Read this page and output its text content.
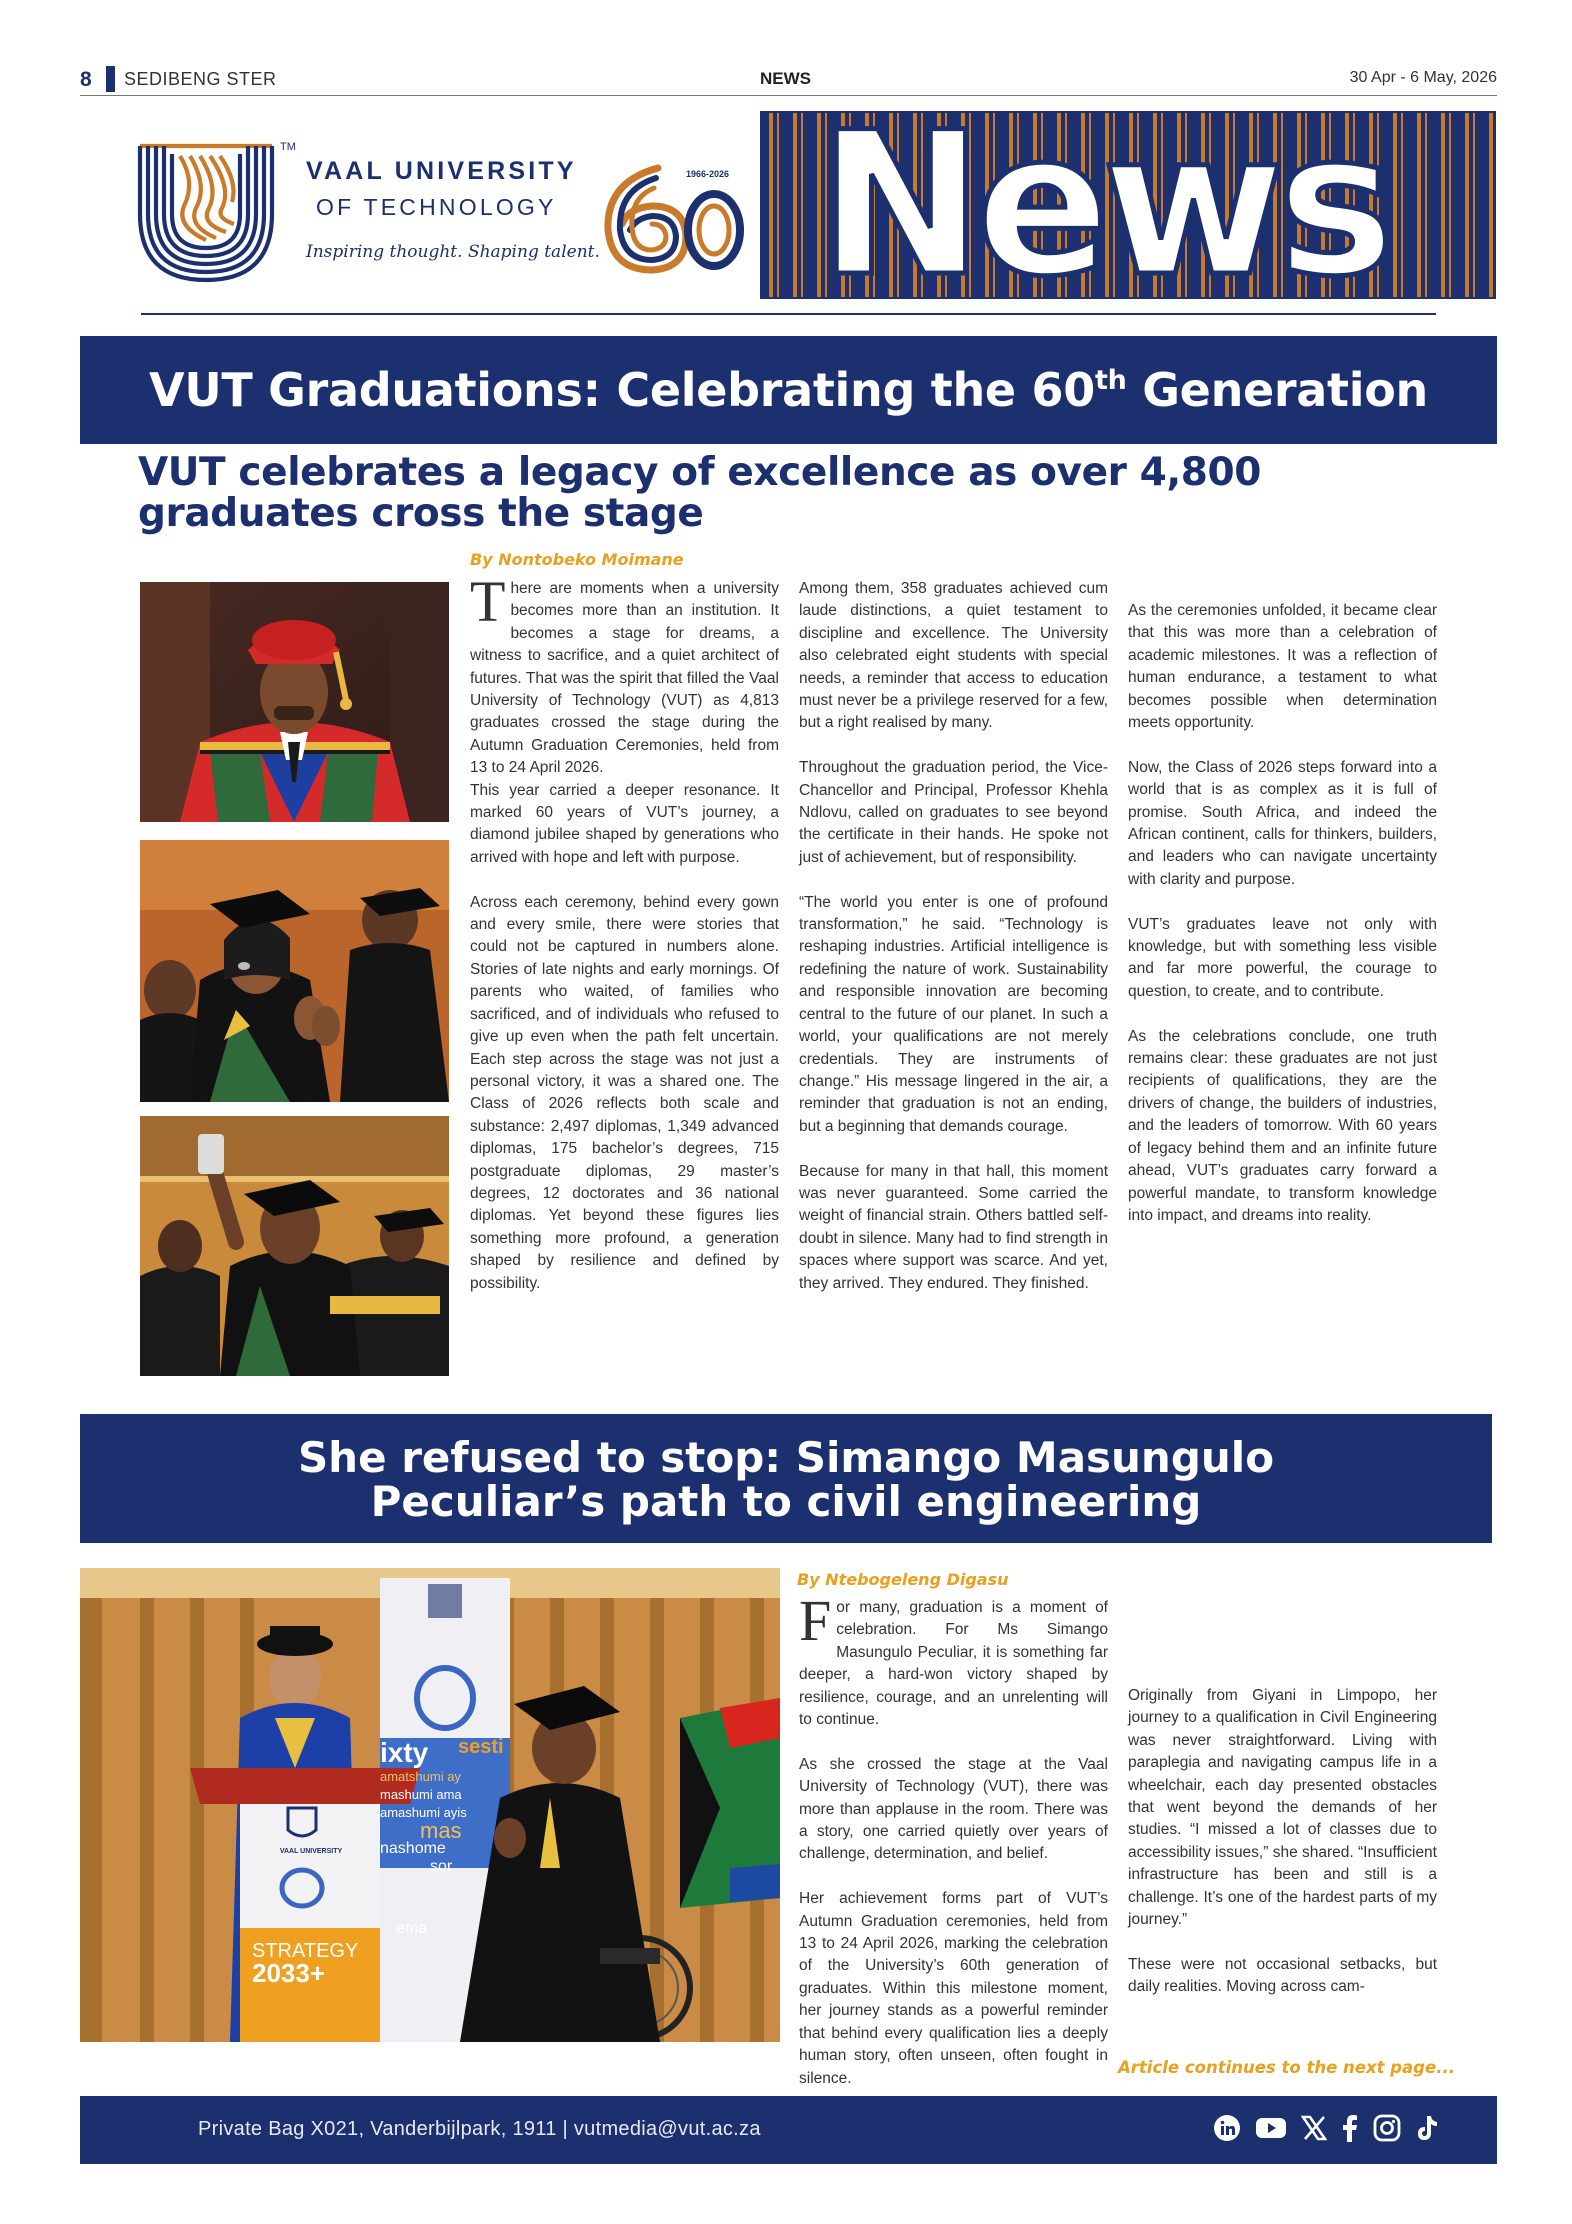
8 SEDIBENG STER	NEWS	30 Apr - 6 May, 2026
TM
VAAL UNIVERSITY
OF TECHNOLOGY
Inspiring thought. Shaping talent.
1966-2026 News
VUT Graduations: Celebrating the 60th Generation
VUT celebrates a legacy of excellence as over 4,800 graduates cross the stage
By Nontobeko Moimane

There are moments when a university becomes more than an institution. It becomes a stage for dreams, a witness to sacrifice, and a quiet architect of futures. That was the spirit that filled the Vaal University of Technology (VUT) as 4,813 graduates crossed the stage during the Autumn Graduation Ceremonies, held from 13 to 24 April 2026.

This year carried a deeper resonance. It marked 60 years of VUT’s journey, a diamond jubilee shaped by generations who arrived with hope and left with purpose.

Across each ceremony, behind every gown and every smile, there were stories that could not be captured in numbers alone. Stories of late nights and early mornings. Of parents who waited, of families who sacrificed, and of individuals who refused to give up even when the path felt uncertain. Each step across the stage was not just a personal victory, it was a shared one. The Class of 2026 reflects both scale and substance: 2,497 diplomas, 1,349 advanced diplomas, 175 bachelor’s degrees, 715 postgraduate diplomas, 29 master’s degrees, 12 doctorates and 36 national diplomas. Yet beyond these figures lies something more profound, a generation shaped by resilience and defined by possibility.

Among them, 358 graduates achieved cum laude distinctions, a quiet testament to discipline and excellence. The University also celebrated eight students with special needs, a reminder that access to education must never be a privilege reserved for a few, but a right realised by many.

Throughout the graduation period, the Vice-Chancellor and Principal, Professor Khehla Ndlovu, called on graduates to see beyond the certificate in their hands. He spoke not just of achievement, but of responsibility.

“The world you enter is one of profound transformation,” he said. “Technology is reshaping industries. Artificial intelligence is redefining the nature of work. Sustainability and responsible innovation are becoming central to the future of our planet. In such a world, your qualifications are not merely credentials. They are instruments of change.” His message lingered in the air, a reminder that graduation is not an ending, but a beginning that demands courage.

Because for many in that hall, this moment was never guaranteed. Some carried the weight of financial strain. Others battled self-doubt in silence. Many had to find strength in spaces where support was scarce. And yet, they arrived. They endured. They finished.

As the ceremonies unfolded, it became clear that this was more than a celebration of academic milestones. It was a reflection of human endurance, a testament to what becomes possible when determination meets opportunity.

Now, the Class of 2026 steps forward into a world that is as complex as it is full of promise. South Africa, and indeed the African continent, calls for thinkers, builders, and leaders who can navigate uncertainty with clarity and purpose.

VUT’s graduates leave not only with knowledge, but with something less visible and far more powerful, the courage to question, to create, and to contribute.

As the celebrations conclude, one truth remains clear: these graduates are not just recipients of qualifications, they are the drivers of change, the builders of industries, and the leaders of tomorrow. With 60 years of legacy behind them and an infinite future ahead, VUT’s graduates carry forward a powerful mandate, to transform knowledge into impact, and dreams into reality.

She refused to stop: Simango Masungulo
Peculiar’s path to civil engineering
By Ntebogeleng Digasu
VAAL UNIVERSITY
STRATEGY
2033+
ixty	sesti
amatshumi ay
mashumi ama
amashumi ayis
mas
nashome
sor
ema

For many, graduation is a moment of celebration. For Ms Simango Masungulo Peculiar, it is something far deeper, a hard-won victory shaped by resilience, courage, and an unrelenting will to continue.

As she crossed the stage at the Vaal University of Technology (VUT), there was more than applause in the room. There was a story, one carried quietly over years of challenge, determination, and belief.

Her achievement forms part of VUT’s Autumn Graduation ceremonies, held from 13 to 24 April 2026, marking the celebration of the University’s 60th generation of graduates. Within this milestone moment, her journey stands as a powerful reminder that behind every qualification lies a deeply human story, often unseen, often fought in silence.

Originally from Giyani in Limpopo, her journey to a qualification in Civil Engineering was never straightforward. Living with paraplegia and navigating campus life in a wheelchair, each day presented obstacles that went beyond the demands of her studies. “I missed a lot of classes due to accessibility issues,” she shared. “Insufficient infrastructure has been and still is a challenge. It’s one of the hardest parts of my journey.”

These were not occasional setbacks, but daily realities. Moving across cam-

Article continues to the next page...
Private Bag X021, Vanderbijlpark, 1911 | vutmedia@vut.ac.za
